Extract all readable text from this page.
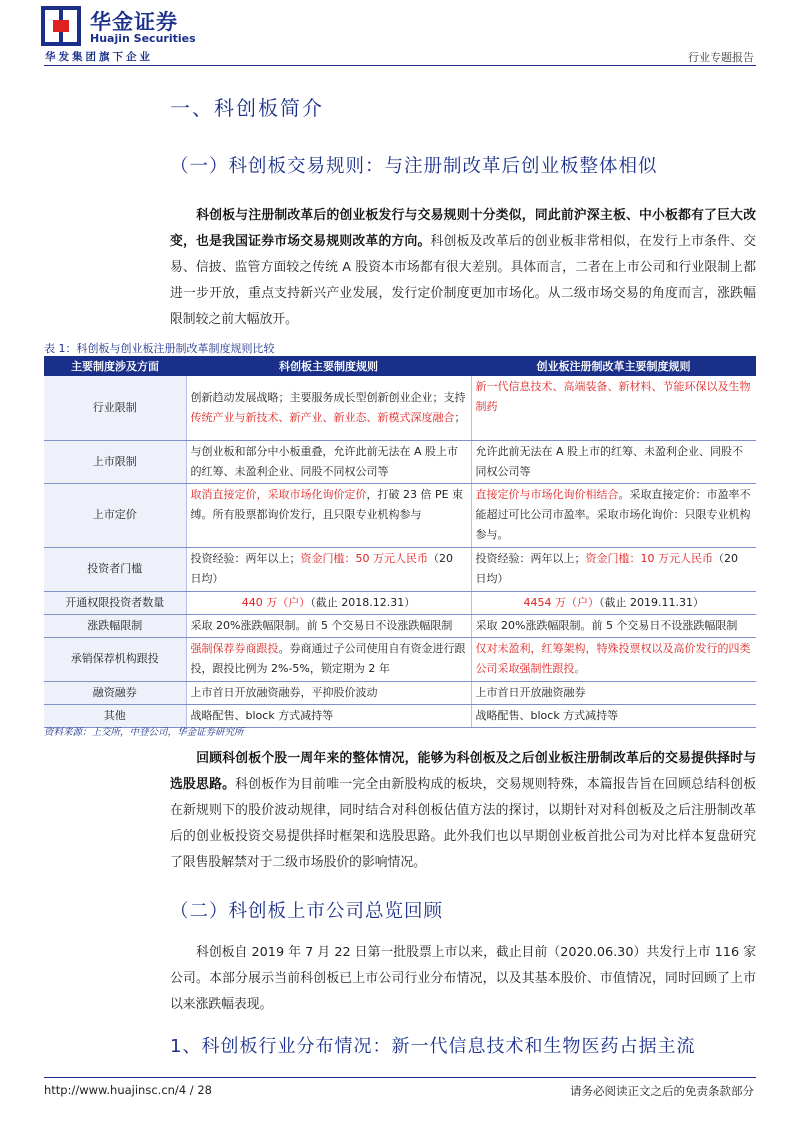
华金证券
Huajin Securities
华发集团旗下企业	行业专题报告
一、科创板简介
（一）科创板交易规则：与注册制改革后创业板整体相似
科创板与注册制改革后的创业板发行与交易规则十分类似，同此前沪深主板、中小板都有了巨大改变，也是我国证券市场交易规则改革的方向。科创板及改革后的创业板非常相似，在发行上市条件、交易、信披、监管方面较之传统 A 股资本市场都有很大差别。具体而言，二者在上市公司和行业限制上都进一步开放，重点支持新兴产业发展，发行定价制度更加市场化。从二级市场交易的角度而言，涨跌幅限制较之前大幅放开。
表 1：科创板与创业板注册制改革制度规则比较
主要制度涉及方面	科创板主要制度规则	创业板注册制改革主要制度规则
行业限制	创新趋动发展战略；主要服务成长型创新创业企业；支持传统产业与新技术、新产业、新业态、新模式深度融合；	新一代信息技术、高端装备、新材料、节能环保以及生物制药
上市限制	与创业板和部分中小板重叠，允许此前无法在 A 股上市的红筹、未盈利企业、同股不同权公司等	允许此前无法在 A 股上市的红筹、未盈利企业、同股不同权公司等
上市定价	取消直接定价，采取市场化询价定价，打破 23 倍 PE 束缚。所有股票都询价发行，且只限专业机构参与	直接定价与市场化询价相结合。采取直接定价：市盈率不能超过可比公司市盈率。采取市场化询价：只限专业机构参与。
投资者门槛	投资经验：两年以上；资金门槛：50 万元人民币（20 日均）	投资经验：两年以上；资金门槛：10 万元人民币（20 日均）
开通权限投资者数量	440 万（户）（截止 2018.12.31）	4454 万（户）（截止 2019.11.31）
涨跌幅限制	采取 20%涨跌幅限制。前 5 个交易日不设涨跌幅限制	采取 20%涨跌幅限制。前 5 个交易日不设涨跌幅限制
承销保荐机构跟投	强制保荐券商跟投。券商通过子公司使用自有资金进行跟投，跟投比例为 2%-5%，锁定期为 2 年	仅对未盈利，红筹架构，特殊投票权以及高价发行的四类公司采取强制性跟投。
融资融券	上市首日开放融资融券，平抑股价波动	上市首日开放融资融券
其他	战略配售、block 方式减持等	战略配售、block 方式减持等
资料来源：上交所，中登公司，华金证券研究所
回顾科创板个股一周年来的整体情况，能够为科创板及之后创业板注册制改革后的交易提供择时与选股思路。科创板作为目前唯一完全由新股构成的板块，交易规则特殊，本篇报告旨在回顾总结科创板在新规则下的股价波动规律，同时结合对科创板估值方法的探讨，以期针对对科创板及之后注册制改革后的创业板投资交易提供择时框架和选股思路。此外我们也以早期创业板首批公司为对比样本复盘研究了限售股解禁对于二级市场股价的影响情况。
（二）科创板上市公司总览回顾
科创板自 2019 年 7 月 22 日第一批股票上市以来，截止目前（2020.06.30）共发行上市 116 家公司。本部分展示当前科创板已上市公司行业分布情况，以及其基本股价、市值情况，同时回顾了上市以来涨跌幅表现。
1、科创板行业分布情况：新一代信息技术和生物医药占据主流
http://www.huajinsc.cn/4 / 28	请务必阅读正文之后的免责条款部分
